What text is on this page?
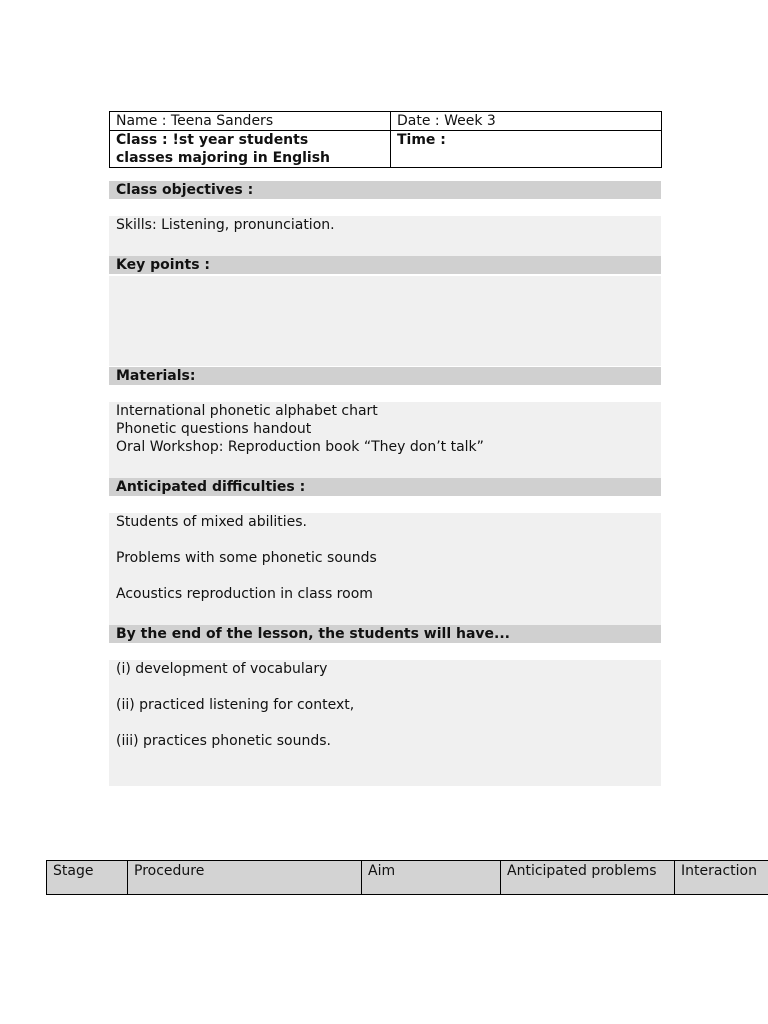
Name : Teena Sanders	Date : Week 3
Class : !st year students
classes majoring in English	Time :
Class objectives :
Skills: Listening, pronunciation.
Key points :
Materials:
International phonetic alphabet chart
Phonetic questions handout
Oral Workshop: Reproduction book “They don’t talk”
Anticipated difficulties :
Students of mixed abilities.
Problems with some phonetic sounds
Acoustics reproduction in class room
By the end of the lesson, the students will have...
(i) development of vocabulary
(ii) practiced listening for context,
(iii) practices phonetic sounds.
Stage	Procedure	Aim	Anticipated problems	Interaction
